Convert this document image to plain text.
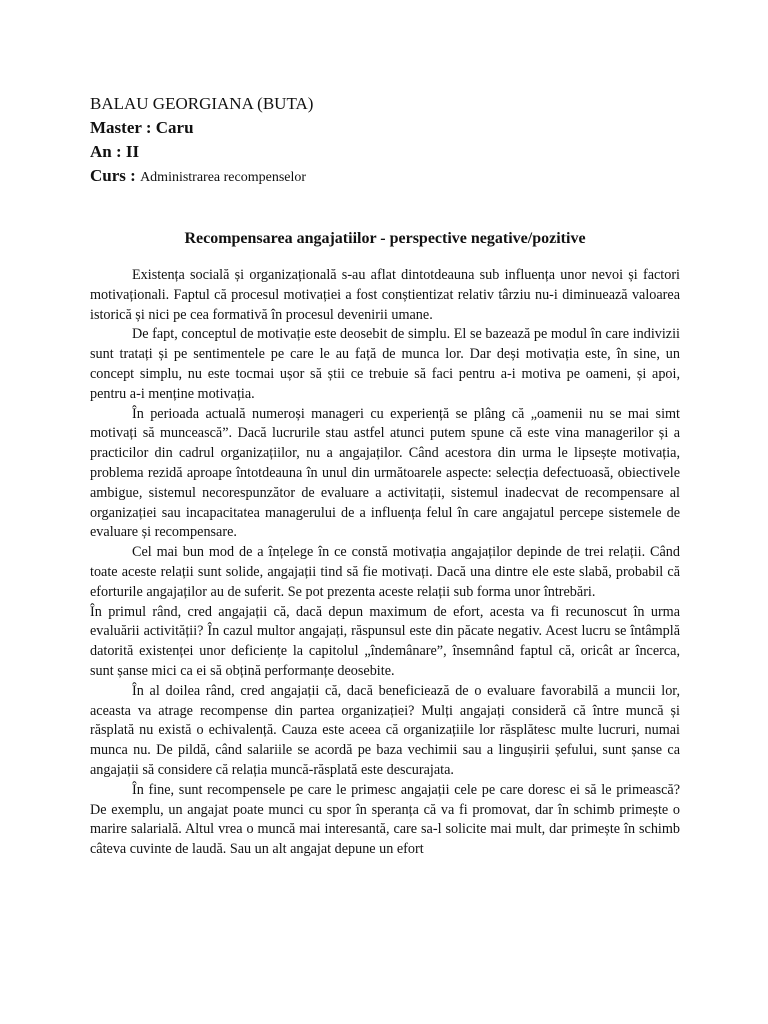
BALAU GEORGIANA (BUTA)
Master : Caru
An : II
Curs : Administrarea recompenselor
Recompensarea angajatiilor - perspective negative/pozitive

Existența socială și organizațională s-au aflat dintotdeauna sub influența unor nevoi și factori motivaționali. Faptul că procesul motivației a fost conștientizat relativ târziu nu-i diminuează valoarea istorică și nici pe cea formativă în procesul devenirii umane.

De fapt, conceptul de motivație este deosebit de simplu. El se bazează pe modul în care indivizii sunt tratați și pe sentimentele pe care le au față de munca lor. Dar deși motivația este, în sine, un concept simplu, nu este tocmai ușor să știi ce trebuie să faci pentru a-i motiva pe oameni, și apoi, pentru a-i menține motivația.

În perioada actuală numeroși manageri cu experiență se plâng că „oamenii nu se mai simt motivați să muncească”. Dacă lucrurile stau astfel atunci putem spune că este vina managerilor și a practicilor din cadrul organizațiilor, nu a angajaților. Când acestora din urma le lipsește motivația, problema rezidă aproape întotdeauna în unul din următoarele aspecte: selecția defectuoasă, obiectivele ambigue, sistemul necorespunzător de evaluare a activitații, sistemul inadecvat de recompensare al organizației sau incapacitatea managerului de a influența felul în care angajatul percepe sistemele de evaluare și recompensare.

Cel mai bun mod de a înțelege în ce constă motivația angajaților depinde de trei relații. Când toate aceste relații sunt solide, angajații tind să fie motivați. Dacă una dintre ele este slabă, probabil că eforturile angajaților au de suferit. Se pot prezenta aceste relații sub forma unor întrebări.

În primul rând, cred angajații că, dacă depun maximum de efort, acesta va fi recunoscut în urma evaluării activității? În cazul multor angajați, răspunsul este din păcate negativ. Acest lucru se întâmplă datorită existenței unor deficiențe la capitolul „îndemânare”, însemnând faptul că, oricât ar încerca, sunt șanse mici ca ei să obțină performanțe deosebite.

În al doilea rând, cred angajații că, dacă beneficiează de o evaluare favorabilă a muncii lor, aceasta va atrage recompense din partea organizației? Mulți angajați consideră că între muncă și răsplată nu există o echivalență. Cauza este aceea că organizațiile lor răsplătesc multe lucruri, numai munca nu. De pildă, când salariile se acordă pe baza vechimii sau a lingușirii șefului, sunt șanse ca angajații să considere că relația muncă-răsplată este descurajata.

În fine, sunt recompensele pe care le primesc angajații cele pe care doresc ei să le primească? De exemplu, un angajat poate munci cu spor în speranța că va fi promovat, dar în schimb primește o marire salarială. Altul vrea o muncă mai interesantă, care sa-l solicite mai mult, dar primește în schimb câteva cuvinte de laudă. Sau un alt angajat depune un efort
